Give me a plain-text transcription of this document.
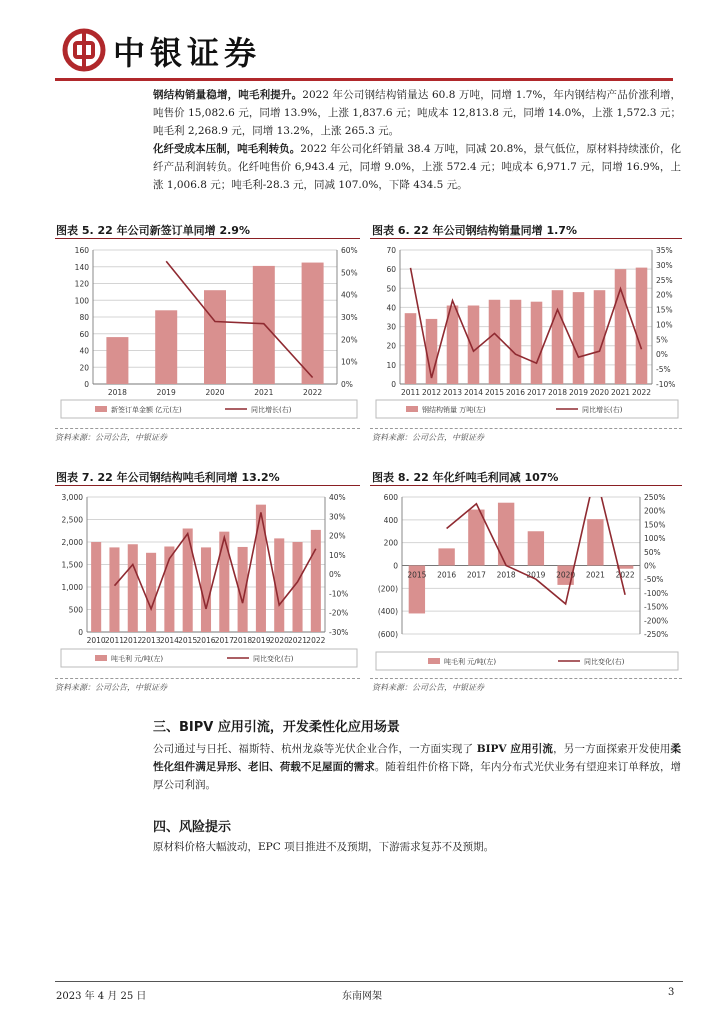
中银证券
钢结构销量稳增，吨毛利提升。2022 年公司钢结构销量达 60.8 万吨，同增 1.7%，年内钢结构产品价涨利增，吨售价 15,082.6 元，同增 13.9%，上涨 1,837.6 元；吨成本 12,813.8 元，同增 14.0%，上涨 1,572.3 元；吨毛利 2,268.9 元，同增 13.2%，上涨 265.3 元。
化纤受成本压制，吨毛利转负。2022 年公司化纤销量 38.4 万吨，同减 20.8%，景气低位，原材料持续涨价，化纤产品利润转负。化纤吨售价 6,943.4 元，同增 9.0%，上涨 572.4 元；吨成本 6,971.7 元，同增 16.9%，上涨 1,006.8 元；吨毛利-28.3 元，同减 107.0%，下降 434.5 元。
图表 5. 22 年公司新签订单同增 2.9%
0
20
40
60
80
100
120
140
160
0%
10%
20%
30%
40%
50%
60%
2018	2019	2020	2021	2022
新签订单金额 亿元(左)	同比增长(右)
资料来源：公司公告，中银证券
图表 6. 22 年公司钢结构销量同增 1.7%
0
10
20
30
40
50
60
70
-10%
-5%
0%
5%
10%
15%
20%
25%
30%
35%
2011 2012 2013 2014 2015 2016 2017 2018 2019 2020 2021 2022
钢结构销量 万吨(左)	同比增长(右)
资料来源：公司公告，中银证券
图表 7. 22 年公司钢结构吨毛利同增 13.2%
0
500
1,000
1,500
2,000
2,500
3,000
-30%
-20%
-10%
0%
10%
20%
30%
40%
2010 2011 2012 2013 2014 2015 2016 2017 2018 2019 2020 2021 2022
吨毛利 元/吨(左)	同比变化(右)
资料来源：公司公告，中银证券
图表 8. 22 年化纤吨毛利同减 107%
(600)
(400)
(200)
0
200
400
600
-250%
-200%
-150%
-100%
-50%
0%
50%
100%
150%
200%
250%
2015 2016 2017 2018 2019 2020 2021 2022
吨毛利 元/吨(左)	同比变化(右)
资料来源：公司公告，中银证券
三、BIPV 应用引流，开发柔性化应用场景
公司通过与日托、福斯特、杭州龙焱等光伏企业合作，一方面实现了 BIPV 应用引流，另一方面探索开发使用柔性化组件满足异形、老旧、荷载不足屋面的需求。随着组件价格下降，年内分布式光伏业务有望迎来订单释放，增厚公司利润。
四、风险提示
原材料价格大幅波动，EPC 项目推进不及预期，下游需求复苏不及预期。
2023 年 4 月 25 日	东南网架	3
